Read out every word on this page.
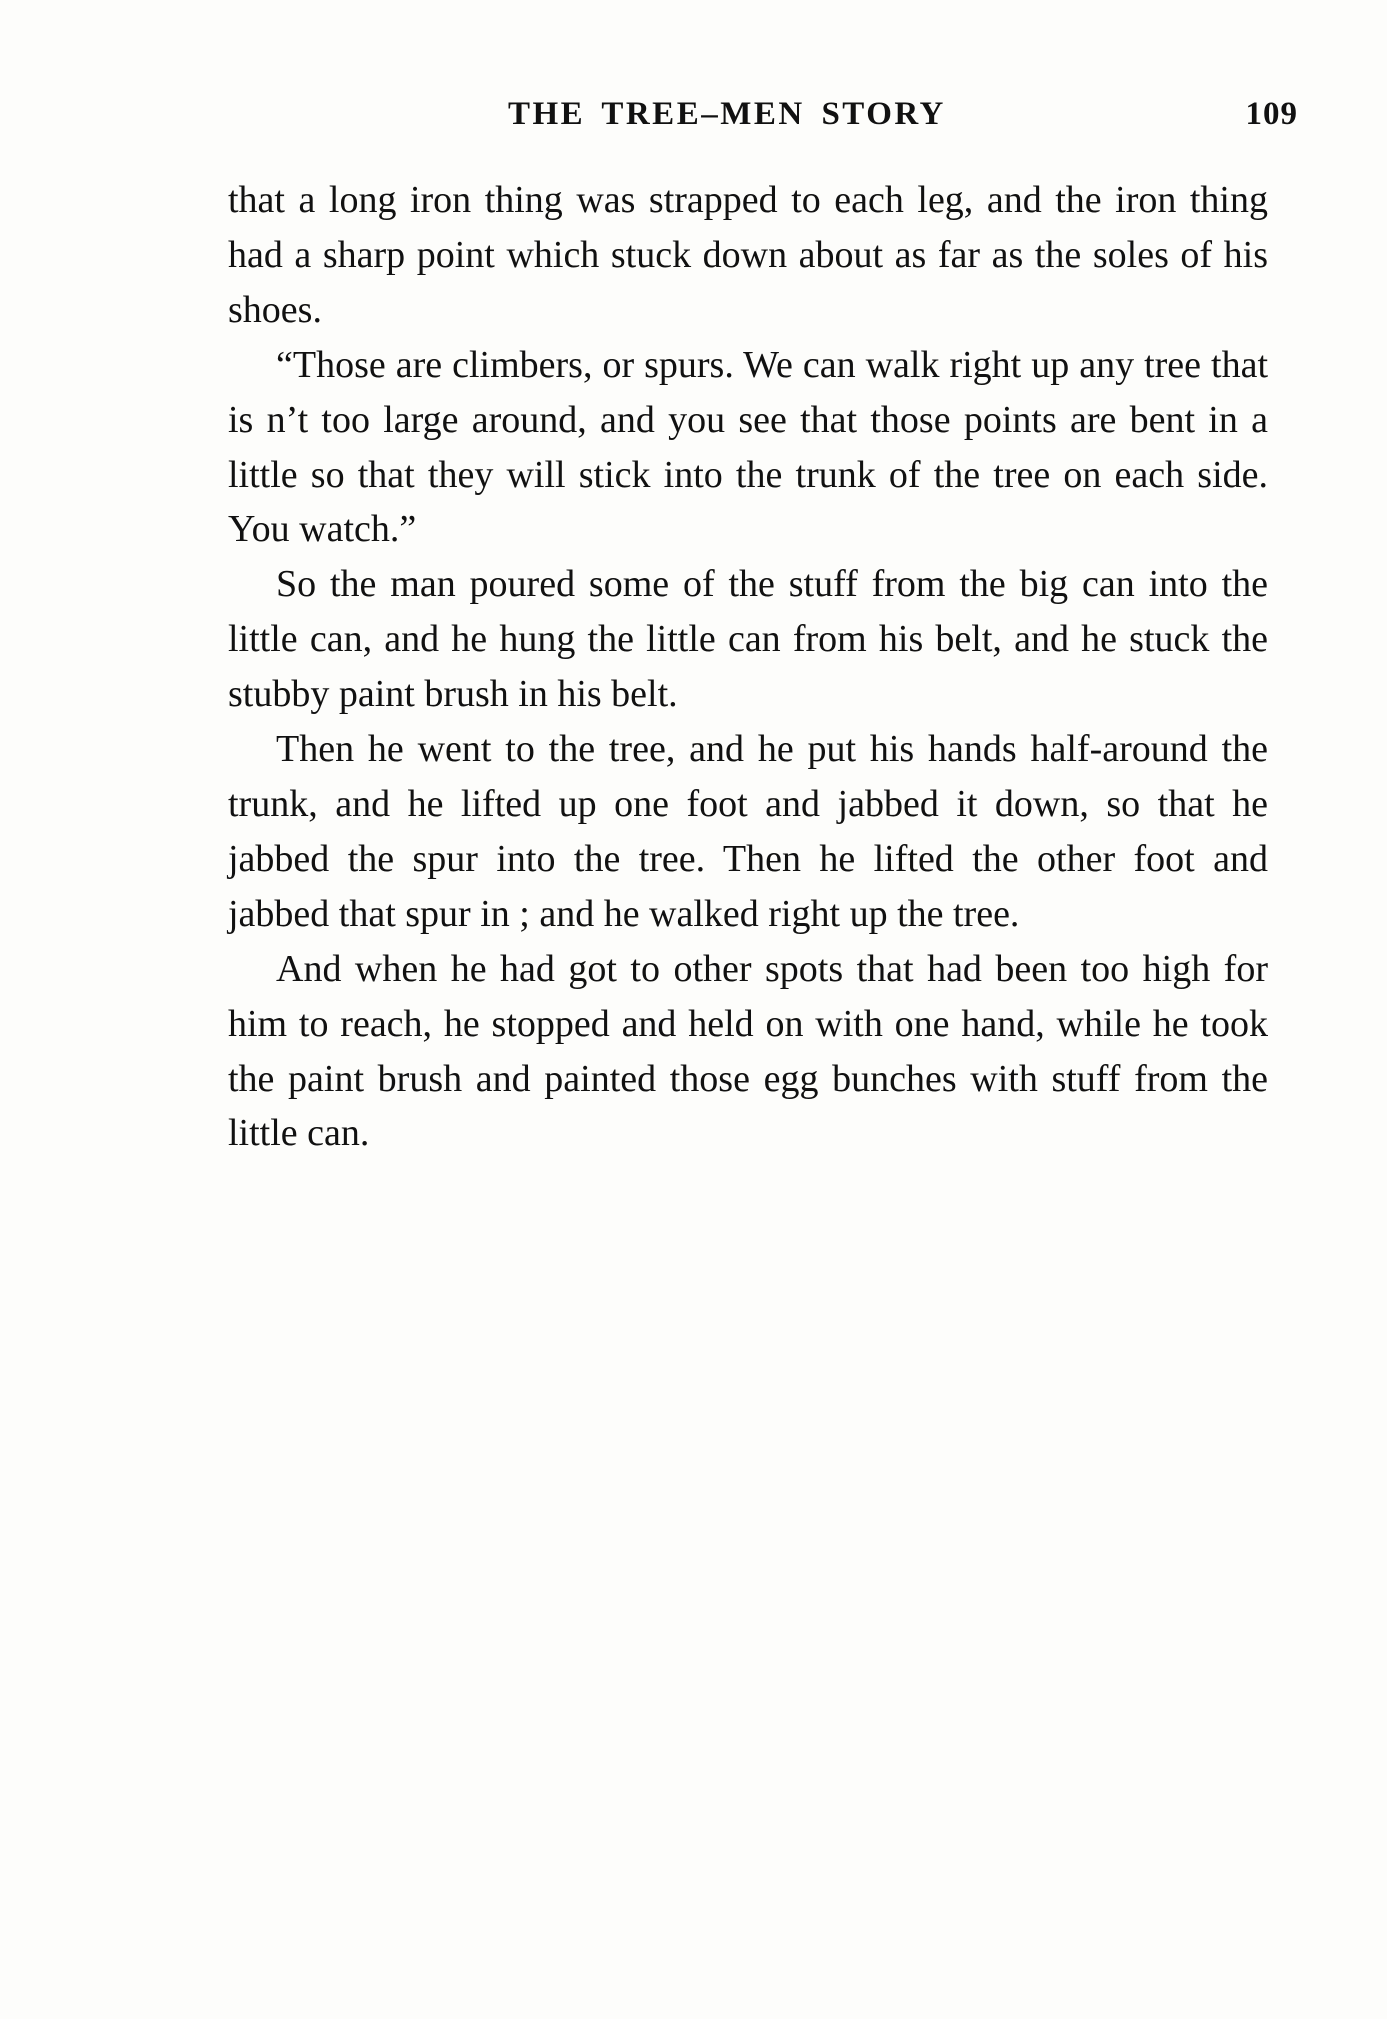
THE TREE–MEN STORY	109

that a long iron thing was strapped to each leg, and the iron thing had a sharp point which stuck down about as far as the soles of his shoes.

“Those are climbers, or spurs. We can walk right up any tree that is n’t too large around, and you see that those points are bent in a little so that they will stick into the trunk of the tree on each side. You watch.”

So the man poured some of the stuff from the big can into the little can, and he hung the little can from his belt, and he stuck the stubby paint brush in his belt.

Then he went to the tree, and he put his hands half-around the trunk, and he lifted up one foot and jabbed it down, so that he jabbed the spur into the tree. Then he lifted the other foot and jabbed that spur in ; and he walked right up the tree.

And when he had got to other spots that had been too high for him to reach, he stopped and held on with one hand, while he took the paint brush and painted those egg bunches with stuff from the little can.
